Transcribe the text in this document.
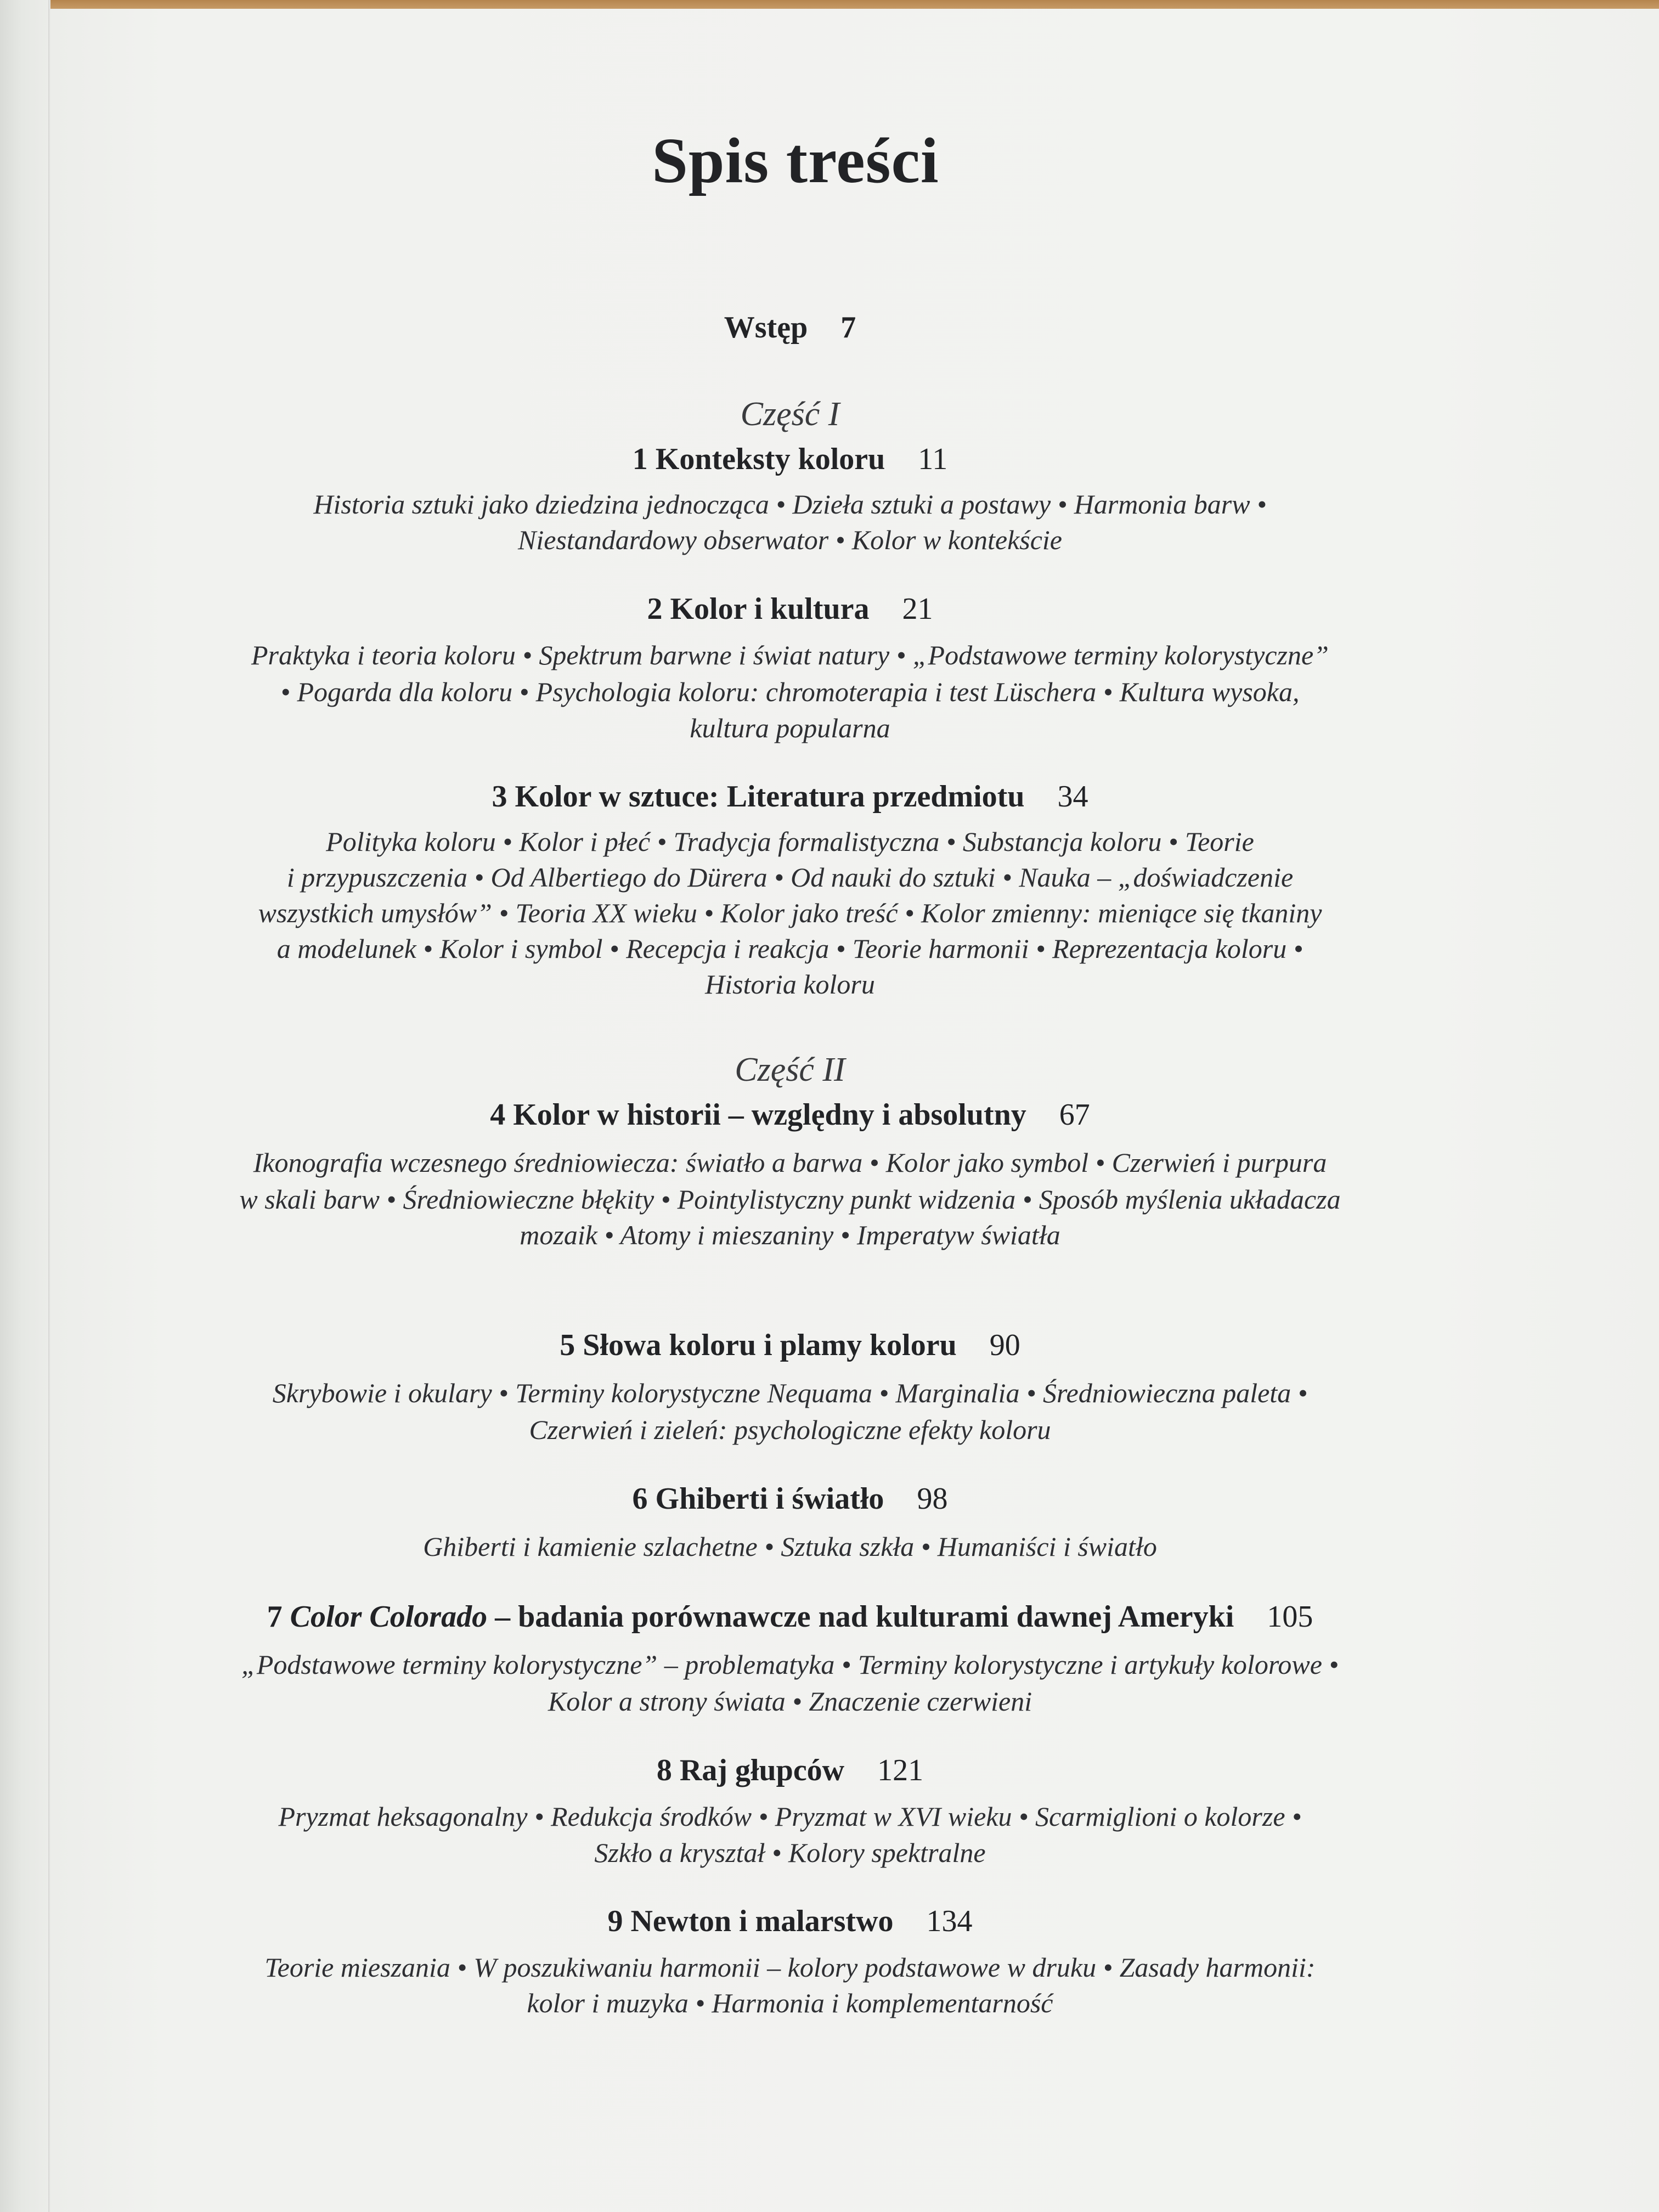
Spis treści
Wstęp 7
Część I
1 Konteksty koloru 11
Historia sztuki jako dziedzina jednocząca • Dzieła sztuki a postawy • Harmonia barw •
Niestandardowy obserwator • Kolor w kontekście
2 Kolor i kultura 21
Praktyka i teoria koloru • Spektrum barwne i świat natury • „Podstawowe terminy kolorystyczne”
• Pogarda dla koloru • Psychologia koloru: chromoterapia i test Lüschera • Kultura wysoka,
kultura popularna
3 Kolor w sztuce: Literatura przedmiotu 34
Polityka koloru • Kolor i płeć • Tradycja formalistyczna • Substancja koloru • Teorie
i przypuszczenia • Od Albertiego do Dürera • Od nauki do sztuki • Nauka – „doświadczenie
wszystkich umysłów” • Teoria XX wieku • Kolor jako treść • Kolor zmienny: mieniące się tkaniny
a modelunek • Kolor i symbol • Recepcja i reakcja • Teorie harmonii • Reprezentacja koloru •
Historia koloru
Część II
4 Kolor w historii – względny i absolutny 67
Ikonografia wczesnego średniowiecza: światło a barwa • Kolor jako symbol • Czerwień i purpura
w skali barw • Średniowieczne błękity • Pointylistyczny punkt widzenia • Sposób myślenia układacza
mozaik • Atomy i mieszaniny • Imperatyw światła
5 Słowa koloru i plamy koloru 90
Skrybowie i okulary • Terminy kolorystyczne Nequama • Marginalia • Średniowieczna paleta •
Czerwień i zieleń: psychologiczne efekty koloru
6 Ghiberti i światło 98
Ghiberti i kamienie szlachetne • Sztuka szkła • Humaniści i światło
7 Color Colorado – badania porównawcze nad kulturami dawnej Ameryki 105
„Podstawowe terminy kolorystyczne” – problematyka • Terminy kolorystyczne i artykuły kolorowe •
Kolor a strony świata • Znaczenie czerwieni
8 Raj głupców 121
Pryzmat heksagonalny • Redukcja środków • Pryzmat w XVI wieku • Scarmiglioni o kolorze •
Szkło a kryształ • Kolory spektralne
9 Newton i malarstwo 134
Teorie mieszania • W poszukiwaniu harmonii – kolory podstawowe w druku • Zasady harmonii:
kolor i muzyka • Harmonia i komplementarność
